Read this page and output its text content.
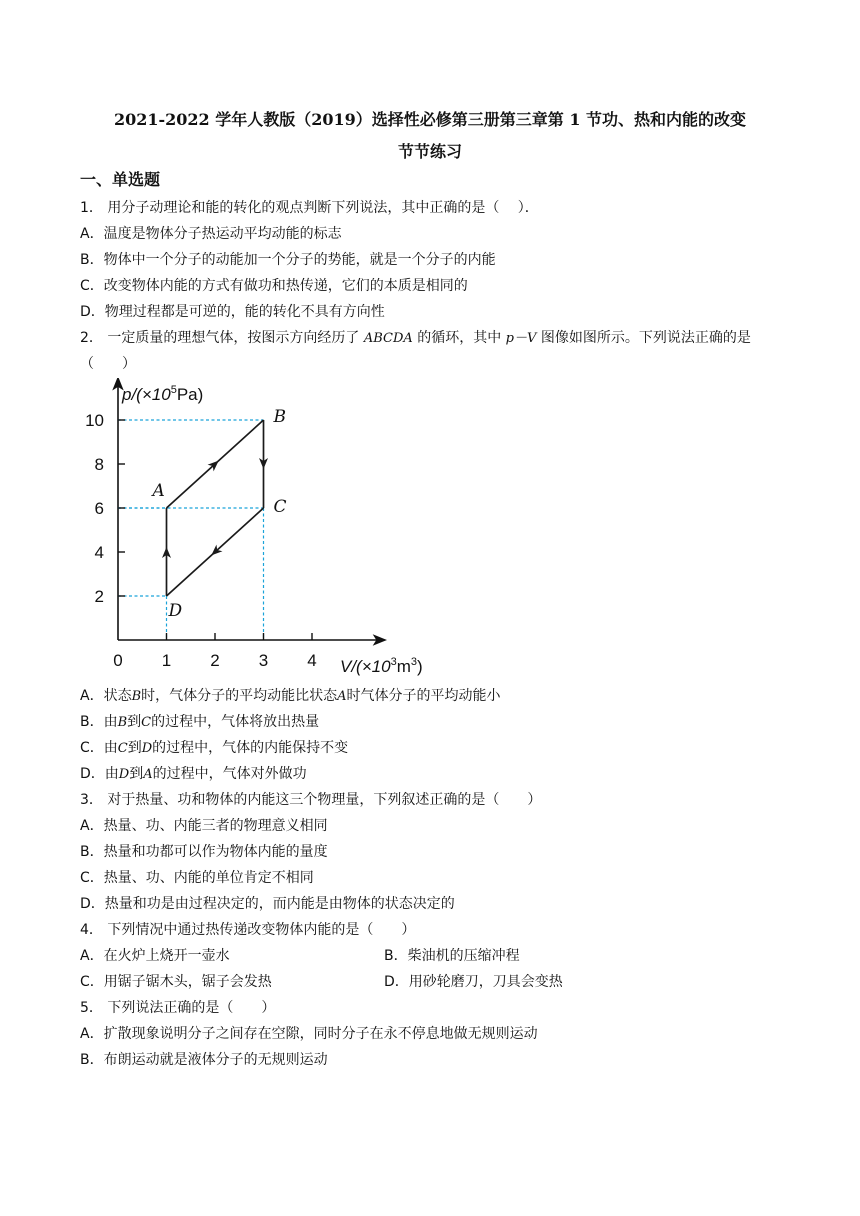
2021-2022 学年人教版（2019）选择性必修第三册第三章第 1 节功、热和内能的改变
节节练习
一、单选题
1． 用分子动理论和能的转化的观点判断下列说法，其中正确的是（　 ）．
A．温度是物体分子热运动平均动能的标志
B．物体中一个分子的动能加一个分子的势能，就是一个分子的内能
C．改变物体内能的方式有做功和热传递，它们的本质是相同的
D．物理过程都是可逆的，能的转化不具有方向性
2． 一定质量的理想气体，按图示方向经历了 ABCDA 的循环，其中 p－V 图像如图所示。下列说法正确的是
（　　）
0 1 2 3 4
2
4
6
8
10
$p/(\times 10^5Pa)$
$V/(\times 10^3m^3)$
A
B
C
D
A．状态B时，气体分子的平均动能比状态A时气体分子的平均动能小
B．由B到C的过程中，气体将放出热量
C．由C到D的过程中，气体的内能保持不变
D．由D到A的过程中，气体对外做功
3． 对于热量、功和物体的内能这三个物理量，下列叙述正确的是（　　）
A．热量、功、内能三者的物理意义相同
B．热量和功都可以作为物体内能的量度
C．热量、功、内能的单位肯定不相同
D．热量和功是由过程决定的，而内能是由物体的状态决定的
4． 下列情况中通过热传递改变物体内能的是（　　）
A．在火炉上烧开一壶水	B．柴油机的压缩冲程
C．用锯子锯木头，锯子会发热	D．用砂轮磨刀，刀具会变热
5． 下列说法正确的是（　　）
A．扩散现象说明分子之间存在空隙，同时分子在永不停息地做无规则运动
B．布朗运动就是液体分子的无规则运动
